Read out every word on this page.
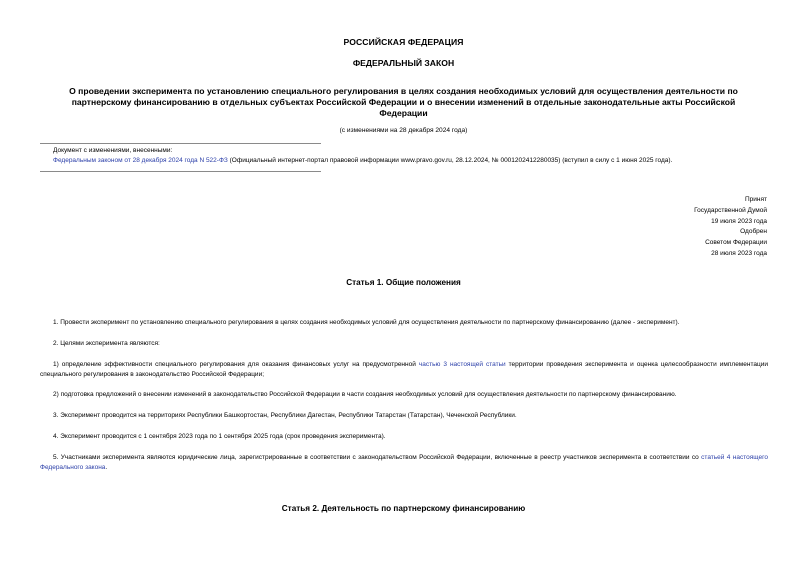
РОССИЙСКАЯ ФЕДЕРАЦИЯ
ФЕДЕРАЛЬНЫЙ ЗАКОН
О проведении эксперимента по установлению специального регулирования в целях создания необходимых условий для осуществления деятельности по партнерскому финансированию в отдельных субъектах Российской Федерации и о внесении изменений в отдельные законодательные акты Российской Федерации
(с изменениями на 28 декабря 2024 года)
Документ с изменениями, внесенными:
Федеральным законом от 28 декабря 2024 года N 522-ФЗ (Официальный интернет-портал правовой информации www.pravo.gov.ru, 28.12.2024, № 0001202412280035) (вступил в силу с 1 июня 2025 года).
Принят
Государственной Думой
19 июля 2023 года
Одобрен
Советом Федерации
28 июля 2023 года
Статья 1. Общие положения
1. Провести эксперимент по установлению специального регулирования в целях создания необходимых условий для осуществления деятельности по партнерскому финансированию (далее - эксперимент).
2. Целями эксперимента являются:
1) определение эффективности специального регулирования для оказания финансовых услуг на предусмотренной частью 3 настоящей статьи территории проведения эксперимента и оценка целесообразности имплементации специального регулирования в законодательство Российской Федерации;
2) подготовка предложений о внесении изменений в законодательство Российской Федерации в части создания необходимых условий для осуществления деятельности по партнерскому финансированию.
3. Эксперимент проводится на территориях Республики Башкортостан, Республики Дагестан, Республики Татарстан (Татарстан), Чеченской Республики.
4. Эксперимент проводится с 1 сентября 2023 года по 1 сентября 2025 года (срок проведения эксперимента).
5. Участниками эксперимента являются юридические лица, зарегистрированные в соответствии с законодательством Российской Федерации, включенные в реестр участников эксперимента в соответствии со статьей 4 настоящего Федерального закона.
Статья 2. Деятельность по партнерскому финансированию
